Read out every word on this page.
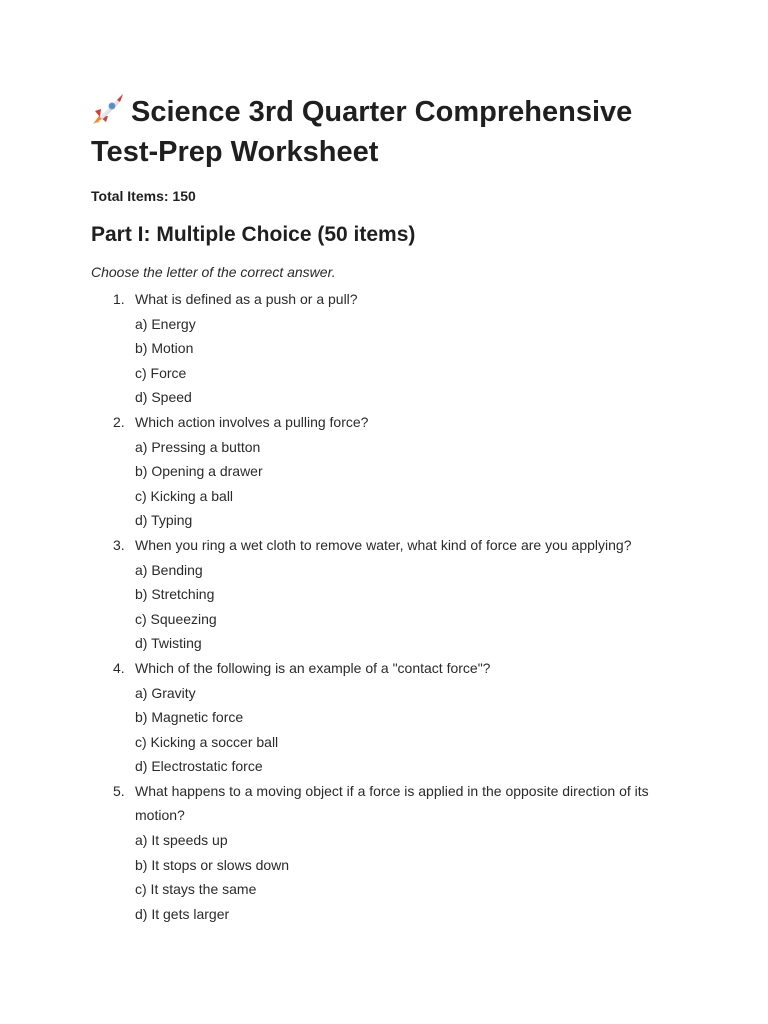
Science 3rd Quarter Comprehensive Test-Prep Worksheet
Total Items: 150
Part I: Multiple Choice (50 items)
Choose the letter of the correct answer.
1. What is defined as a push or a pull?
a) Energy
b) Motion
c) Force
d) Speed
2. Which action involves a pulling force?
a) Pressing a button
b) Opening a drawer
c) Kicking a ball
d) Typing
3. When you ring a wet cloth to remove water, what kind of force are you applying?
a) Bending
b) Stretching
c) Squeezing
d) Twisting
4. Which of the following is an example of a "contact force"?
a) Gravity
b) Magnetic force
c) Kicking a soccer ball
d) Electrostatic force
5. What happens to a moving object if a force is applied in the opposite direction of its motion?
a) It speeds up
b) It stops or slows down
c) It stays the same
d) It gets larger
